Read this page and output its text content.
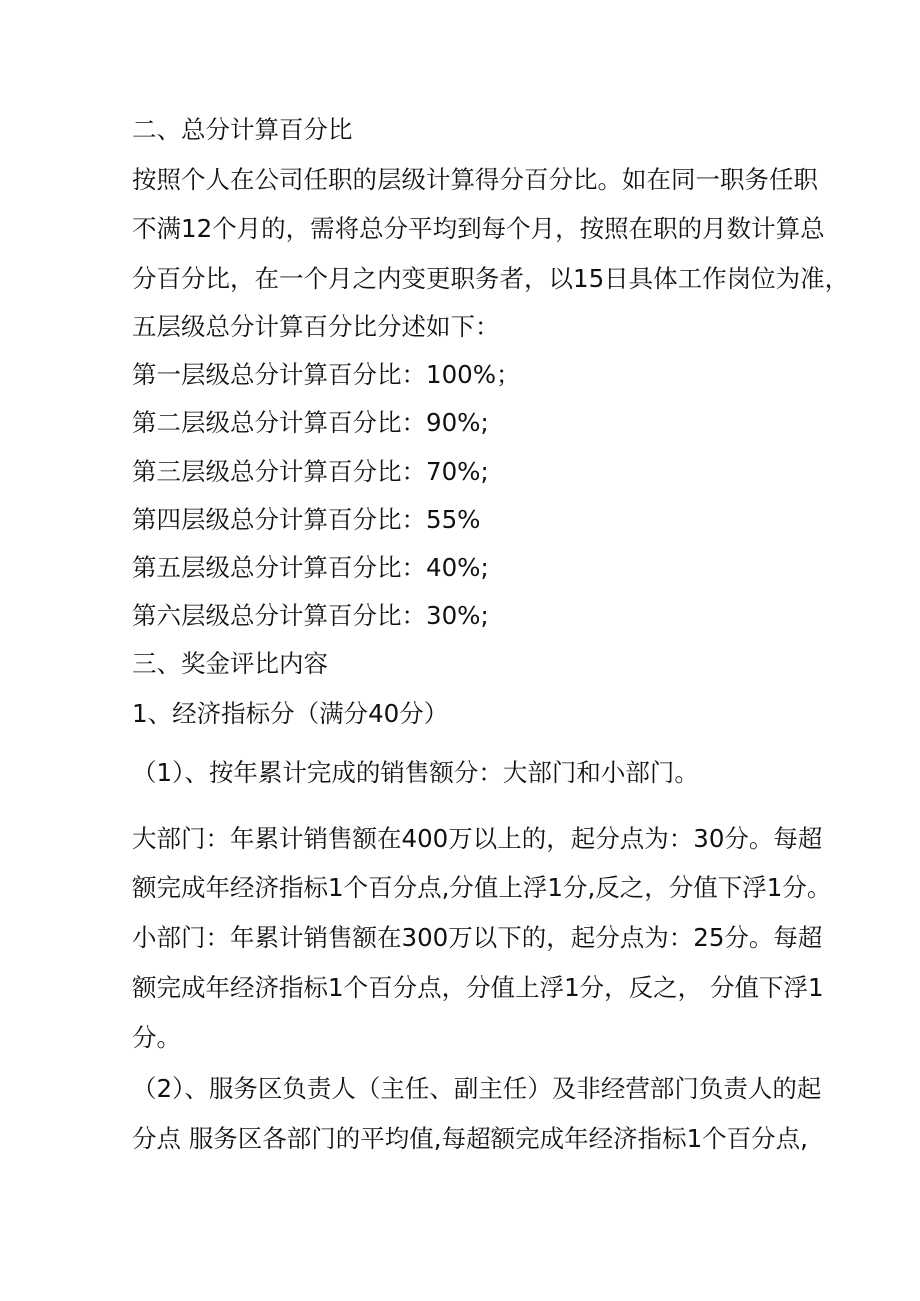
二、总分计算百分比
按照个人在公司任职的层级计算得分百分比。如在同一职务任职
不满12个月的，需将总分平均到每个月，按照在职的月数计算总
分百分比，在一个月之内变更职务者，以15日具体工作岗位为准，
五层级总分计算百分比分述如下：
第一层级总分计算百分比：100%；
第二层级总分计算百分比：90%;
第三层级总分计算百分比：70%;
第四层级总分计算百分比：55%
第五层级总分计算百分比：40%;
第六层级总分计算百分比：30%;
三、奖金评比内容
1、经济指标分（满分40分）
（1）、按年累计完成的销售额分：大部门和小部门。
大部门：年累计销售额在400万以上的，起分点为：30分。每超
额完成年经济指标1个百分点,分值上浮1分,反之，分值下浮1分。
小部门：年累计销售额在300万以下的，起分点为：25分。每超
额完成年经济指标1个百分点，分值上浮1分，反之， 分值下浮1
分。
（2）、服务区负责人（主任、副主任）及非经营部门负责人的起
分点 服务区各部门的平均值,每超额完成年经济指标1个百分点,
